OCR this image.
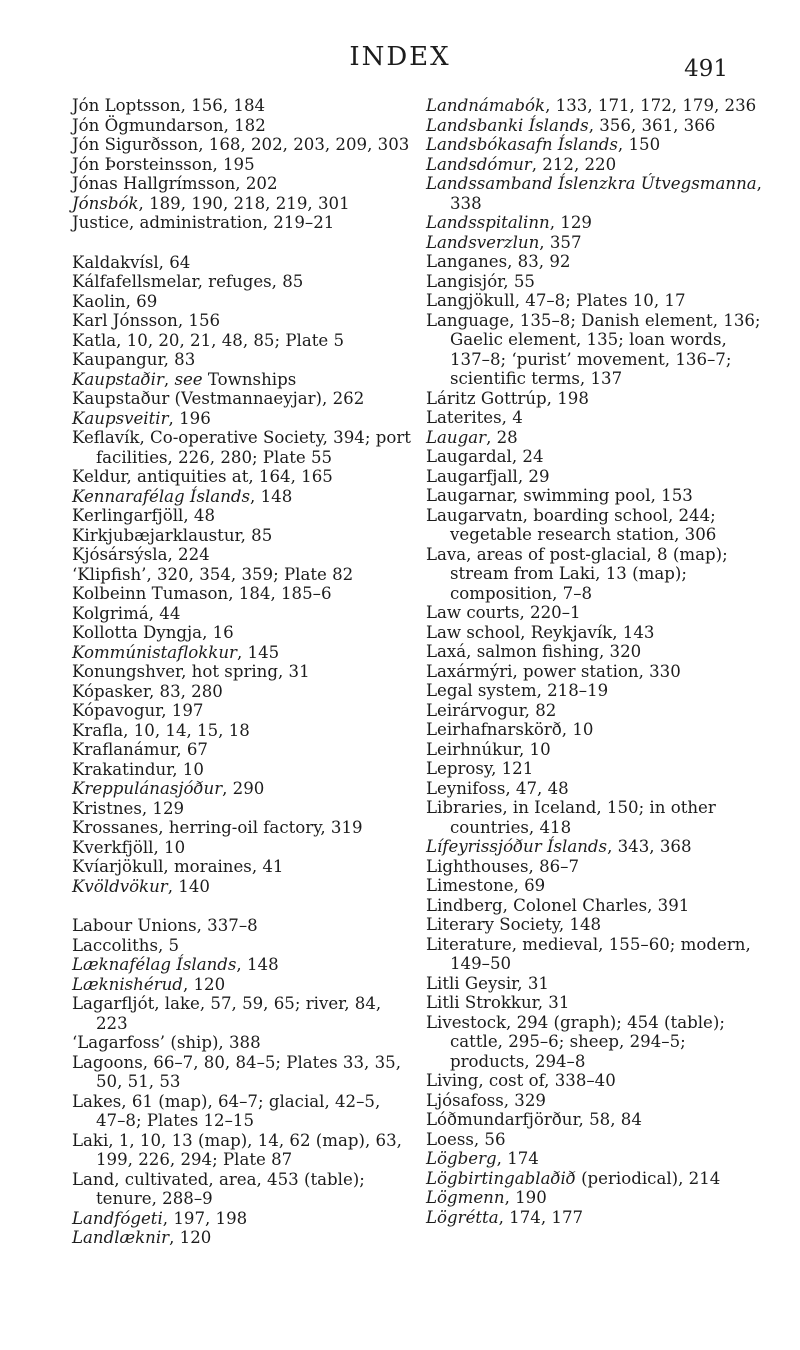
INDEX	491

Jón Loptsson, 156, 184

Jón Ögmundarson, 182

Jón Sigurðsson, 168, 202, 203, 209, 303

Jón Þorsteinsson, 195

Jónas Hallgrímsson, 202

Jónsbók, 189, 190, 218, 219, 301

Justice, administration, 219–21

Kaldakvísl, 64

Kálfafellsmelar, refuges, 85

Kaolin, 69

Karl Jónsson, 156

Katla, 10, 20, 21, 48, 85; Plate 5

Kaupangur, 83

Kaupstaðir, see Townships

Kaupstaður (Vestmannaeyjar), 262

Kaupsveitir, 196

Keflavík, Co-operative Society, 394; port facilities, 226, 280; Plate 55

Keldur, antiquities at, 164, 165

Kennarafélag Íslands, 148

Kerlingarfjöll, 48

Kirkjubæjarklaustur, 85

Kjósársýsla, 224

‘Klipfish’, 320, 354, 359; Plate 82

Kolbeinn Tumason, 184, 185–6

Kolgrimá, 44

Kollotta Dyngja, 16

Kommúnistaflokkur, 145

Konungshver, hot spring, 31

Kópasker, 83, 280

Kópavogur, 197

Krafla, 10, 14, 15, 18

Kraflanámur, 67

Krakatindur, 10

Kreppulánasjóður, 290

Kristnes, 129

Krossanes, herring-oil factory, 319

Kverkfjöll, 10

Kvíarjökull, moraines, 41

Kvöldvökur, 140

Labour Unions, 337–8

Laccoliths, 5

Læknafélag Íslands, 148

Læknishérud, 120

Lagarfljót, lake, 57, 59, 65; river, 84, 223

‘Lagarfoss’ (ship), 388

Lagoons, 66–7, 80, 84–5; Plates 33, 35, 50, 51, 53

Lakes, 61 (map), 64–7; glacial, 42–5, 47–8; Plates 12–15

Laki, 1, 10, 13 (map), 14, 62 (map), 63, 199, 226, 294; Plate 87

Land, cultivated, area, 453 (table); tenure, 288–9

Landfógeti, 197, 198

Landlæknir, 120

Landnámabók, 133, 171, 172, 179, 236

Landsbanki Íslands, 356, 361, 366

Landsbókasafn Íslands, 150

Landsdómur, 212, 220

Landssamband Íslenzkra Útvegsmanna, 338

Landsspitalinn, 129

Landsverzlun, 357

Langanes, 83, 92

Langisjór, 55

Langjökull, 47–8; Plates 10, 17

Language, 135–8; Danish element, 136; Gaelic element, 135; loan words, 137–8; ‘purist’ movement, 136–7; scientific terms, 137

Láritz Gottrúp, 198

Laterites, 4

Laugar, 28

Laugardal, 24

Laugarfjall, 29

Laugarnar, swimming pool, 153

Laugarvatn, boarding school, 244; vegetable research station, 306

Lava, areas of post-glacial, 8 (map); stream from Laki, 13 (map); composition, 7–8

Law courts, 220–1

Law school, Reykjavík, 143

Laxá, salmon fishing, 320

Laxármýri, power station, 330

Legal system, 218–19

Leirárvogur, 82

Leirhafnarskörð, 10

Leirhnúkur, 10

Leprosy, 121

Leynifoss, 47, 48

Libraries, in Iceland, 150; in other countries, 418

Lífeyrissjóður Íslands, 343, 368

Lighthouses, 86–7

Limestone, 69

Lindberg, Colonel Charles, 391

Literary Society, 148

Literature, medieval, 155–60; modern, 149–50

Litli Geysir, 31

Litli Strokkur, 31

Livestock, 294 (graph); 454 (table); cattle, 295–6; sheep, 294–5; products, 294–8

Living, cost of, 338–40

Ljósafoss, 329

Lóðmundarfjörður, 58, 84

Loess, 56

Lögberg, 174

Lögbirtingablaðið (periodical), 214

Lögmenn, 190

Lögrétta, 174, 177
